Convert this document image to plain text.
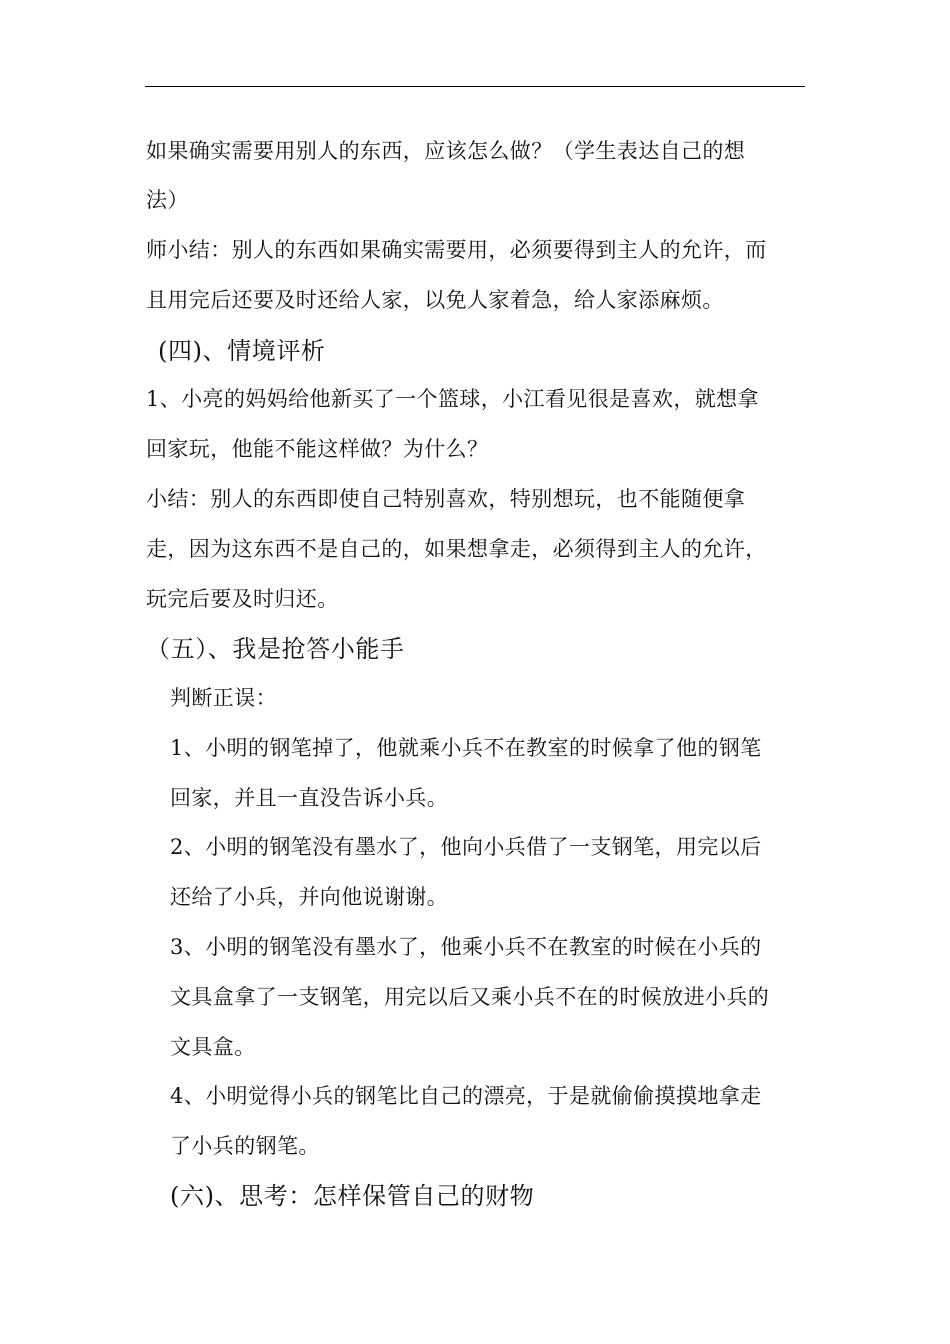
如果确实需要用别人的东西，应该怎么做？（学生表达自己的想
法）
师小结：别人的东西如果确实需要用，必须要得到主人的允许，而
且用完后还要及时还给人家，以免人家着急，给人家添麻烦。
(四)、情境评析
1、小亮的妈妈给他新买了一个篮球，小江看见很是喜欢，就想拿
回家玩，他能不能这样做？为什么？
小结：别人的东西即使自己特别喜欢，特别想玩，也不能随便拿
走，因为这东西不是自己的，如果想拿走，必须得到主人的允许，
玩完后要及时归还。
（五）、我是抢答小能手
判断正误：
1、小明的钢笔掉了，他就乘小兵不在教室的时候拿了他的钢笔
回家，并且一直没告诉小兵。
2、小明的钢笔没有墨水了，他向小兵借了一支钢笔，用完以后
还给了小兵，并向他说谢谢。
3、小明的钢笔没有墨水了，他乘小兵不在教室的时候在小兵的
文具盒拿了一支钢笔，用完以后又乘小兵不在的时候放进小兵的
文具盒。
4、小明觉得小兵的钢笔比自己的漂亮，于是就偷偷摸摸地拿走
了小兵的钢笔。
(六)、思考：怎样保管自己的财物
